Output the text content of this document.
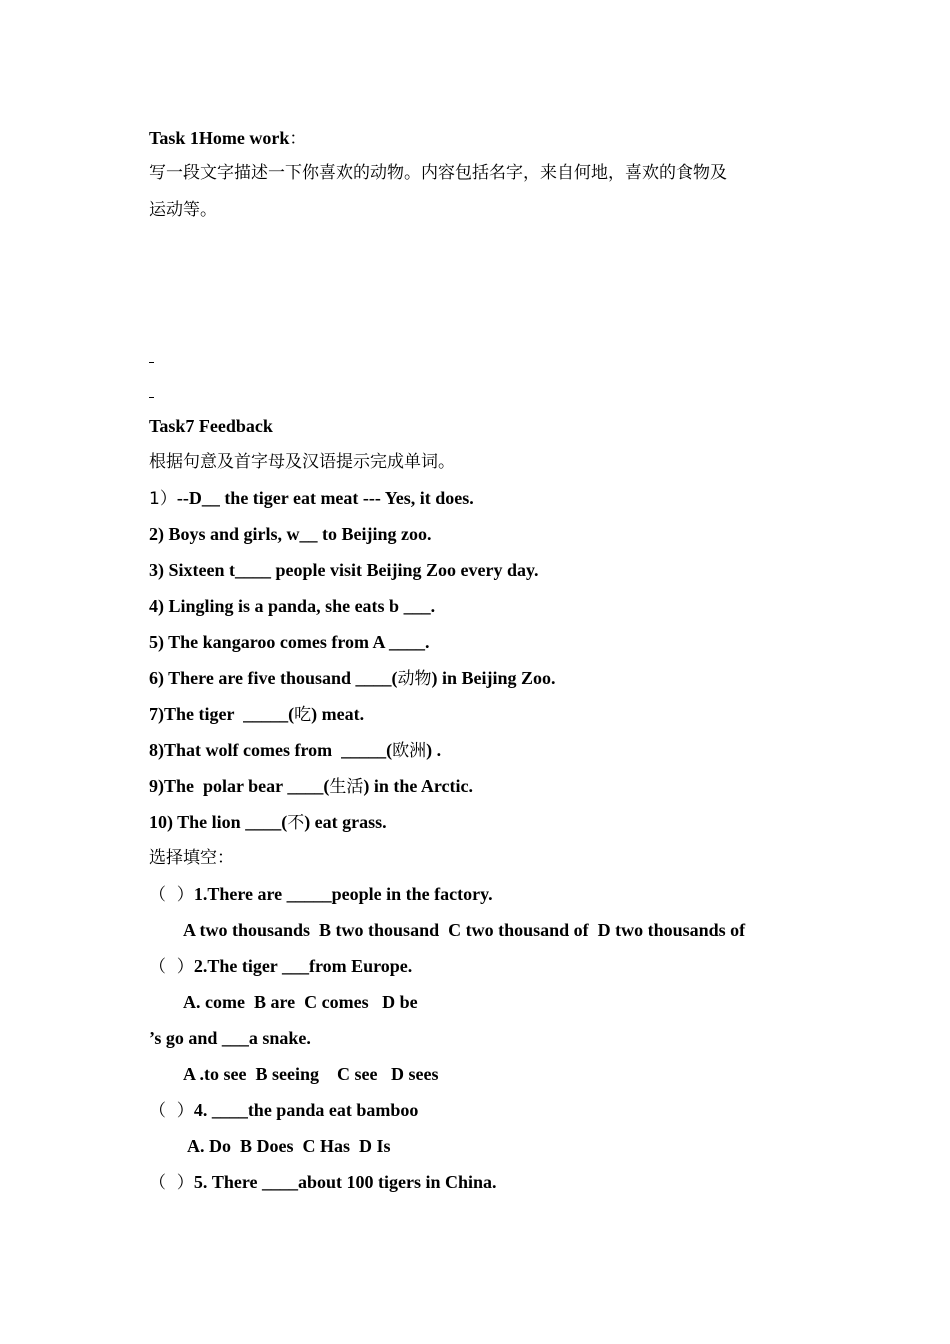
Task 1Home work：
写一段文字描述一下你喜欢的动物。内容包括名字，来自何地，喜欢的食物及
运动等。
Task7 Feedback
根据句意及首字母及汉语提示完成单词。
1）--D__ the tiger eat meat --- Yes, it does.
2) Boys and girls, w__ to Beijing zoo.
3) Sixteen t____ people visit Beijing Zoo every day.
4) Lingling is a panda, she eats b ___.
5) The kangaroo comes from A ____.
6) There are five thousand ____(动物) in Beijing Zoo.
7)The tiger  _____(吃) meat.
8)That wolf comes from  _____(欧洲) .
9)The  polar bear ____(生活) in the Arctic.
10) The lion ____(不) eat grass.
选择填空：
（  ）1.There are _____people in the factory.
A two thousands  B two thousand  C two thousand of  D two thousands of
（  ）2.The tiger ___from Europe.
A. come  B are  C comes   D be
’s go and ___a snake.
A .to see  B seeing    C see   D sees
（  ）4. ____the panda eat bamboo
A. Do  B Does  C Has  D Is
（  ）5. There ____about 100 tigers in China.
